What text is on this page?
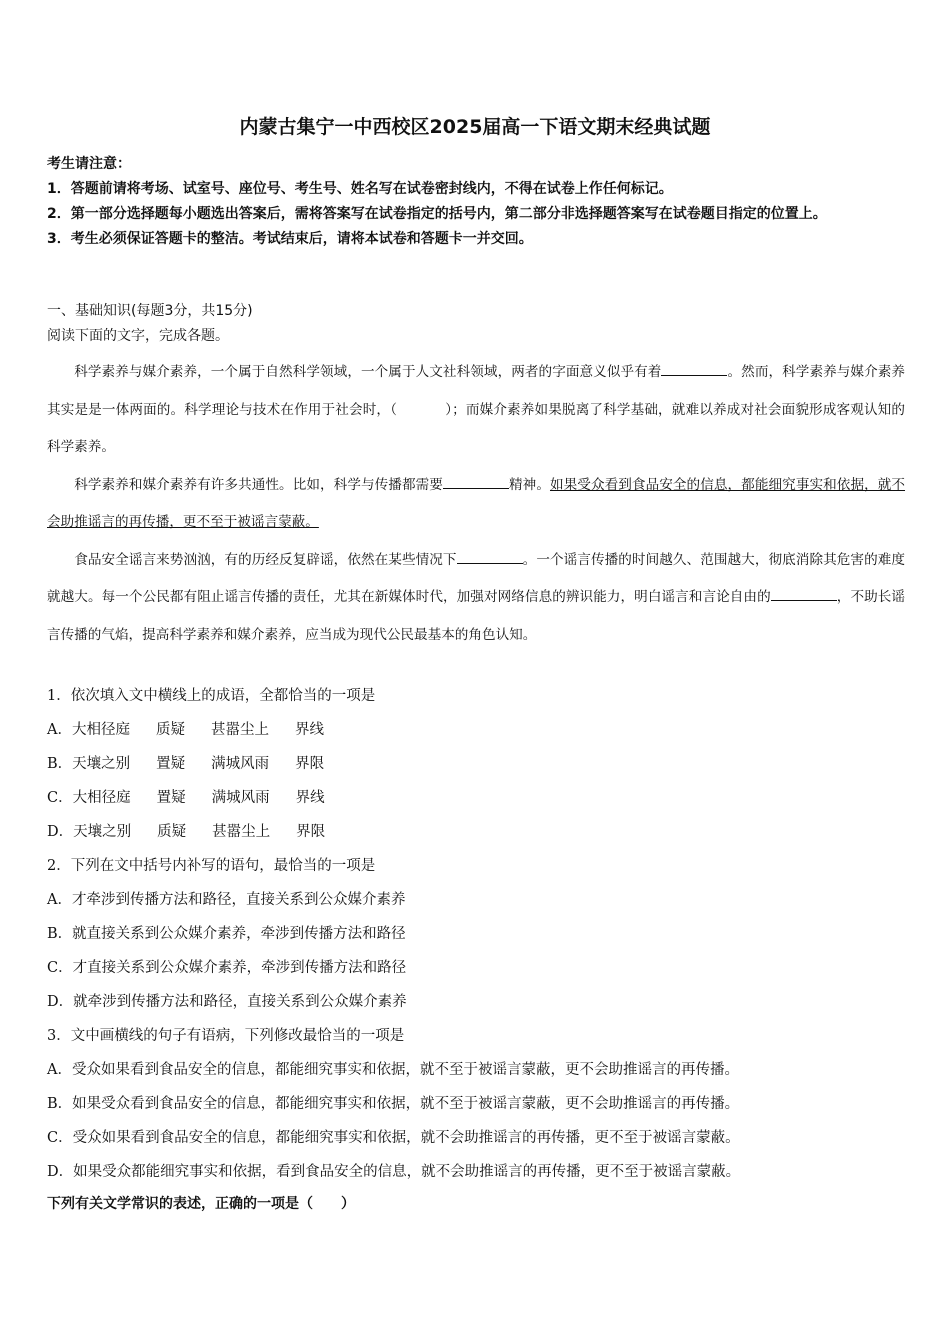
内蒙古集宁一中西校区2025届高一下语文期末经典试题
考生请注意：
1．答题前请将考场、试室号、座位号、考生号、姓名写在试卷密封线内，不得在试卷上作任何标记。
2．第一部分选择题每小题选出答案后，需将答案写在试卷指定的括号内，第二部分非选择题答案写在试卷题目指定的位置上。
3．考生必须保证答题卡的整洁。考试结束后，请将本试卷和答题卡一并交回。
一、基础知识(每题3分，共15分)
阅读下面的文字，完成各题。

科学素养与媒介素养，一个属于自然科学领域，一个属于人文社科领域，两者的字面意义似乎有着	。然而，科学素养与媒介素养其实是是一体两面的。科学理论与技术在作用于社会时，（	）；而媒介素养如果脱离了科学基础，就难以养成对社会面貌形成客观认知的科学素养。

科学素养和媒介素养有许多共通性。比如，科学与传播都需要	精神。如果受众看到食品安全的信息，都能细究事实和依据，就不会助推谣言的再传播，更不至于被谣言蒙蔽。

食品安全谣言来势汹汹，有的历经反复辟谣，依然在某些情况下	。一个谣言传播的时间越久、范围越大，彻底消除其危害的难度就越大。每一个公民都有阻止谣言传播的责任，尤其在新媒体时代，加强对网络信息的辨识能力，明白谣言和言论自由的	，不助长谣言传播的气焰，提高科学素养和媒介素养，应当成为现代公民最基本的角色认知。

1．依次填入文中横线上的成语，全都恰当的一项是
A．大相径庭 质疑 甚嚣尘上 界线
B．天壤之别 置疑 满城风雨 界限
C．大相径庭 置疑 满城风雨 界线
D．天壤之别 质疑 甚嚣尘上 界限
2．下列在文中括号内补写的语句，最恰当的一项是
A．才牵涉到传播方法和路径，直接关系到公众媒介素养
B．就直接关系到公众媒介素养，牵涉到传播方法和路径
C．才直接关系到公众媒介素养，牵涉到传播方法和路径
D．就牵涉到传播方法和路径，直接关系到公众媒介素养
3．文中画横线的句子有语病，下列修改最恰当的一项是
A．受众如果看到食品安全的信息，都能细究事实和依据，就不至于被谣言蒙蔽，更不会助推谣言的再传播。
B．如果受众看到食品安全的信息，都能细究事实和依据，就不至于被谣言蒙蔽，更不会助推谣言的再传播。
C．受众如果看到食品安全的信息，都能细究事实和依据，就不会助推谣言的再传播，更不至于被谣言蒙蔽。
D．如果受众都能细究事实和依据，看到食品安全的信息，就不会助推谣言的再传播，更不至于被谣言蒙蔽。
下列有关文学常识的表述，正确的一项是（　　）
